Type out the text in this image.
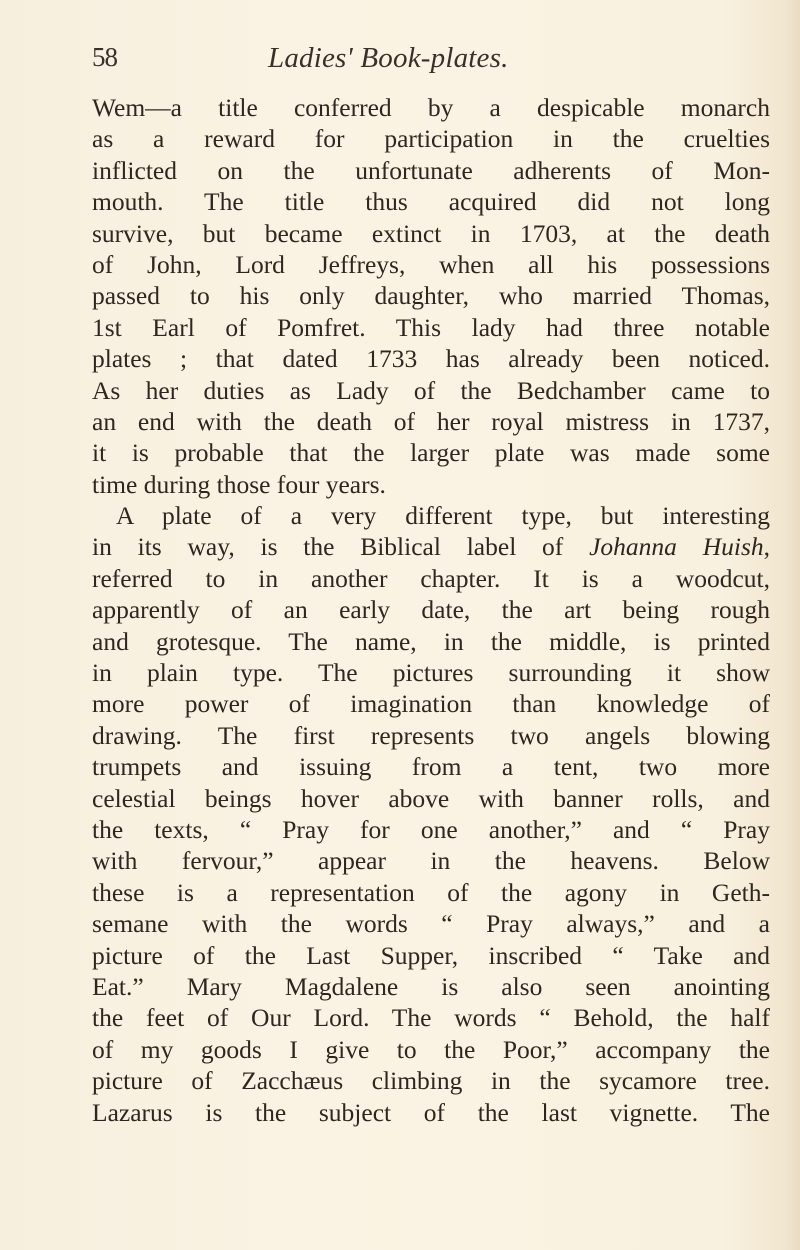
58	Ladies' Book-plates.
Wem—a title conferred by a despicable monarch
as a reward for participation in the cruelties
inflicted on the unfortunate adherents of Mon-
mouth. The title thus acquired did not long
survive, but became extinct in 1703, at the death
of John, Lord Jeffreys, when all his possessions
passed to his only daughter, who married Thomas,
1st Earl of Pomfret. This lady had three notable
plates ; that dated 1733 has already been noticed.
As her duties as Lady of the Bedchamber came to
an end with the death of her royal mistress in 1737,
it is probable that the larger plate was made some
time during those four years.
A plate of a very different type, but interesting
in its way, is the Biblical label of Johanna Huish,
referred to in another chapter. It is a woodcut,
apparently of an early date, the art being rough
and grotesque. The name, in the middle, is printed
in plain type. The pictures surrounding it show
more power of imagination than knowledge of
drawing. The first represents two angels blowing
trumpets and issuing from a tent, two more
celestial beings hover above with banner rolls, and
the texts, “ Pray for one another,” and “ Pray
with fervour,” appear in the heavens. Below
these is a representation of the agony in Geth-
semane with the words “ Pray always,” and a
picture of the Last Supper, inscribed “ Take and
Eat.” Mary Magdalene is also seen anointing
the feet of Our Lord. The words “ Behold, the half
of my goods I give to the Poor,” accompany the
picture of Zacchæus climbing in the sycamore tree.
Lazarus is the subject of the last vignette. The
